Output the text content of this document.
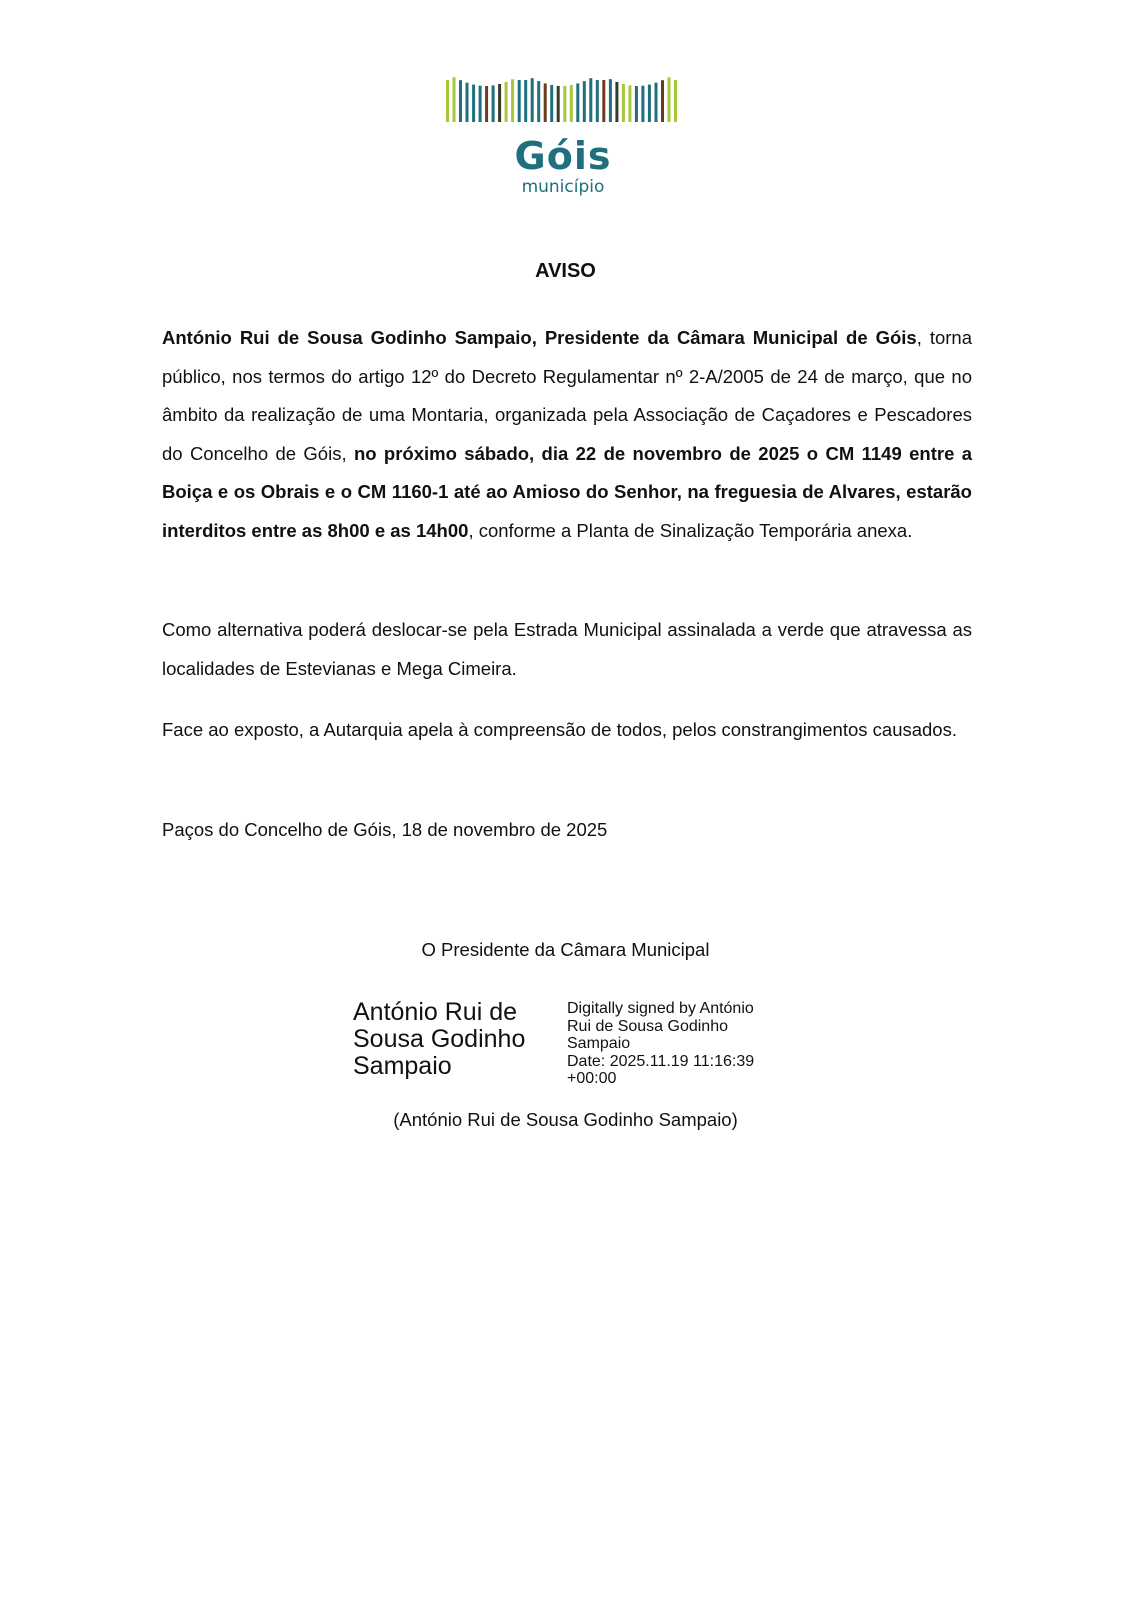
Góis
município
AVISO

António Rui de Sousa Godinho Sampaio, Presidente da Câmara Municipal de Góis, torna público, nos termos do artigo 12º do Decreto Regulamentar nº 2-A/2005 de 24 de março, que no âmbito da realização de uma Montaria, organizada pela Associação de Caçadores e Pescadores do Concelho de Góis, no próximo sábado, dia 22 de novembro de 2025 o CM 1149 entre a Boiça e os Obrais e o CM 1160-1 até ao Amioso do Senhor, na freguesia de Alvares, estarão interditos entre as 8h00 e as 14h00, conforme a Planta de Sinalização Temporária anexa.

Como alternativa poderá deslocar-se pela Estrada Municipal assinalada a verde que atravessa as localidades de Estevianas e Mega Cimeira.

Face ao exposto, a Autarquia apela à compreensão de todos, pelos constrangimentos causados.

Paços do Concelho de Góis, 18 de novembro de 2025

O Presidente da Câmara Municipal
António Rui de
Sousa Godinho
Sampaio
Digitally signed by António
Rui de Sousa Godinho
Sampaio
Date: 2025.11.19 11:16:39
+00:00
(António Rui de Sousa Godinho Sampaio)
